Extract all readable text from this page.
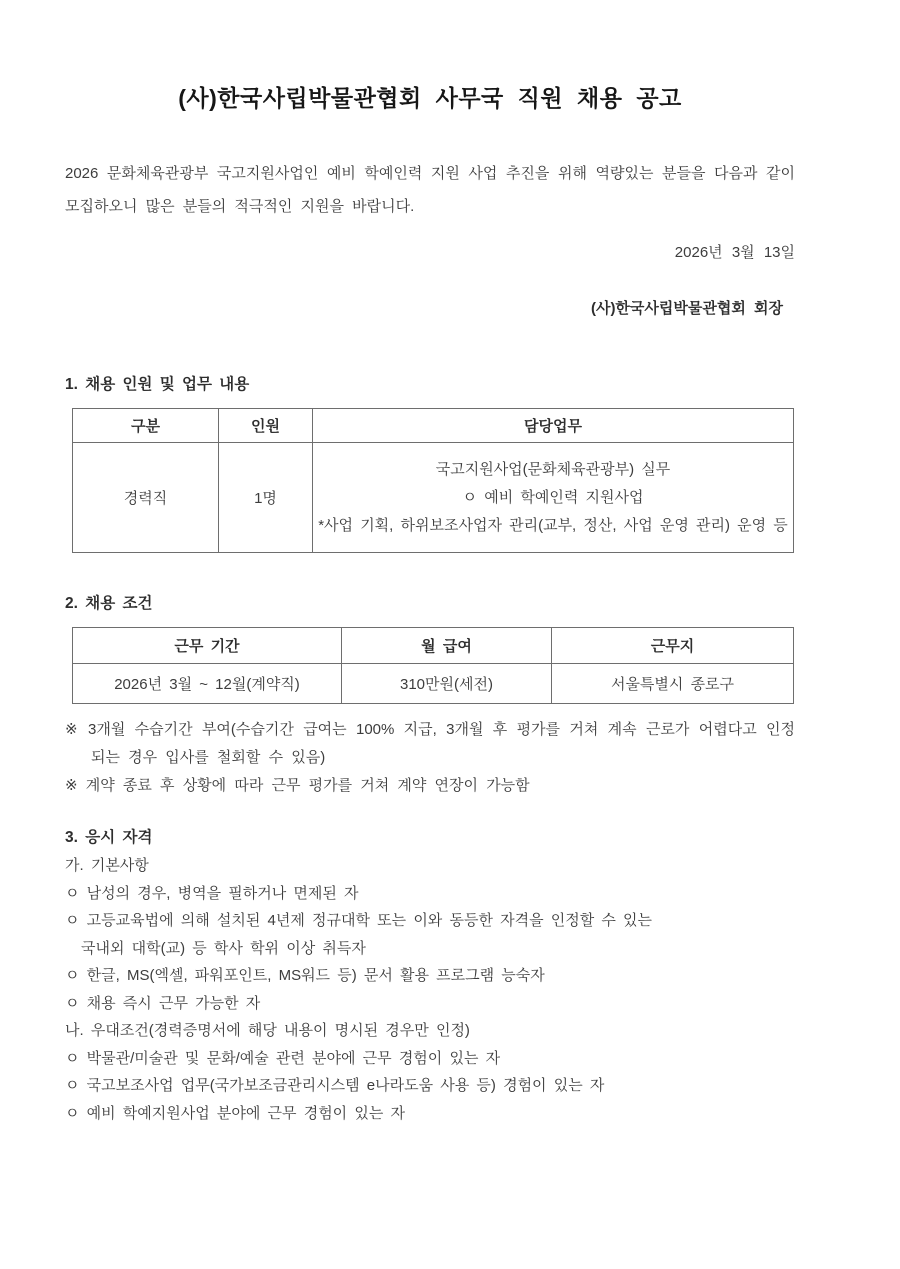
(사)한국사립박물관협회 사무국 직원 채용 공고

2026 문화체육관광부 국고지원사업인 예비 학예인력 지원 사업 추진을 위해 역량있는 분들을 다음과 같이

모집하오니 많은 분들의 적극적인 지원을 바랍니다.

2026년 3월 13일

(사)한국사립박물관협회 회장

1. 채용 인원 및 업무 내용
구분	인원	담당업무
경력직	1명	국고지원사업(문화체육관광부) 실무
ㅇ 예비 학예인력 지원사업
*사업 기획, 하위보조사업자 관리(교부, 정산, 사업 운영 관리) 운영 등
2. 채용 조건
근무 기간	월 급여	근무지
2026년 3월 ~ 12월(계약직)	310만원(세전)	서울특별시 종로구
※ 3개월 수습기간 부여(수습기간 급여는 100% 지급, 3개월 후 평가를 거쳐 계속 근로가 어렵다고 인정
되는 경우 입사를 철회할 수 있음)
※ 계약 종료 후 상황에 따라 근무 평가를 거쳐 계약 연장이 가능함
3. 응시 자격
가. 기본사항
ㅇ 남성의 경우, 병역을 필하거나 면제된 자
ㅇ 고등교육법에 의해 설치된 4년제 정규대학 또는 이와 동등한 자격을 인정할 수 있는
국내외 대학(교) 등 학사 학위 이상 취득자
ㅇ 한글, MS(엑셀, 파워포인트, MS워드 등) 문서 활용 프로그램 능숙자
ㅇ 채용 즉시 근무 가능한 자
나. 우대조건(경력증명서에 해당 내용이 명시된 경우만 인정)
ㅇ 박물관/미술관 및 문화/예술 관련 분야에 근무 경험이 있는 자
ㅇ 국고보조사업 업무(국가보조금관리시스템 e나라도움 사용 등) 경험이 있는 자
ㅇ 예비 학예지원사업 분야에 근무 경험이 있는 자
